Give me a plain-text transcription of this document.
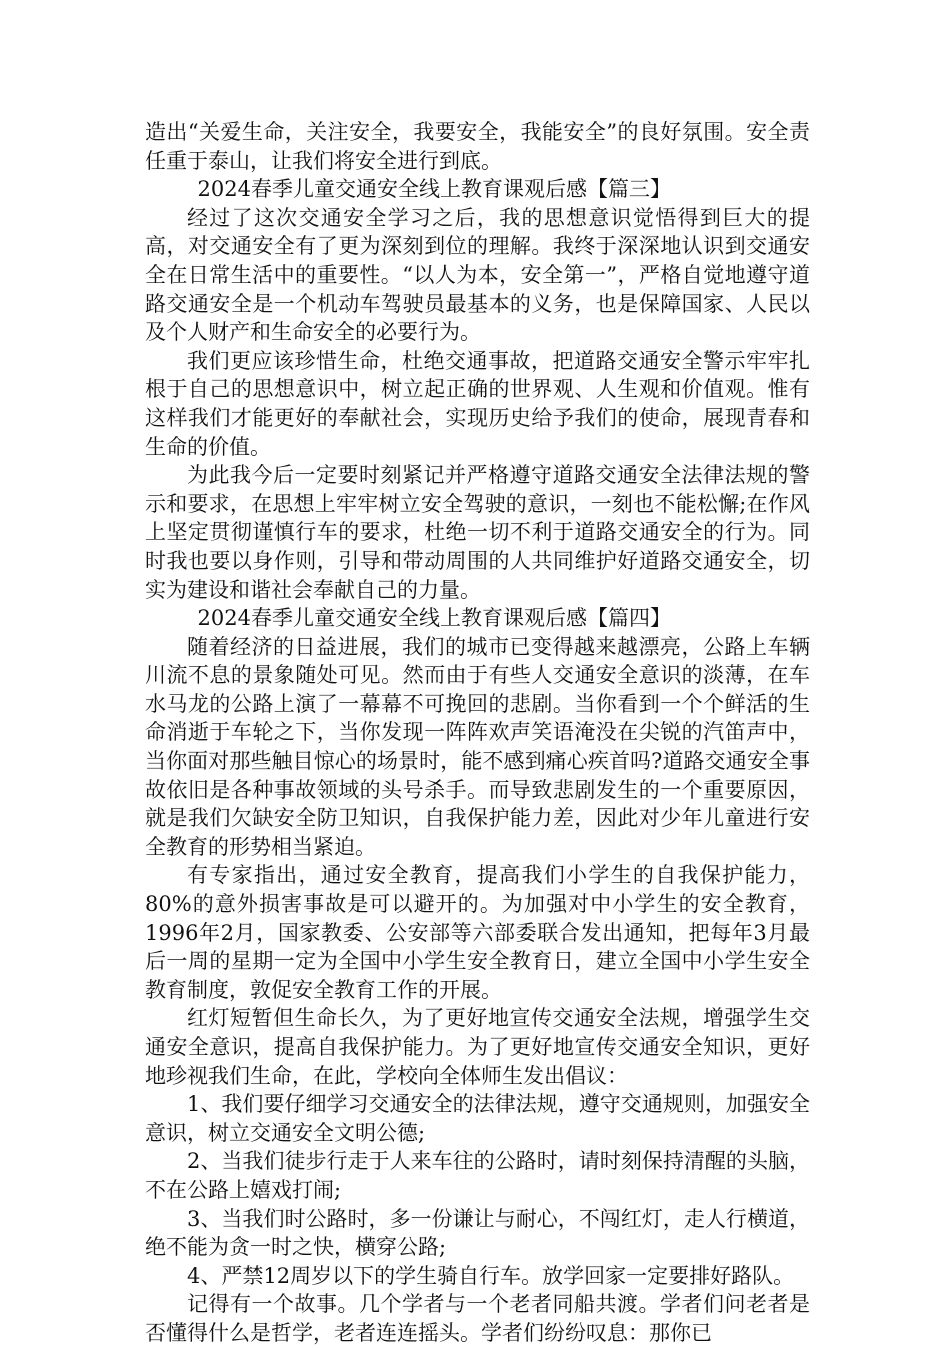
造出“关爱生命，关注安全，我要安全，我能安全”的良好氛围。安全责任重于泰山，让我们将安全进行到底。

2024春季儿童交通安全线上教育课观后感【篇三】

经过了这次交通安全学习之后，我的思想意识觉悟得到巨大的提高，对交通安全有了更为深刻到位的理解。我终于深深地认识到交通安全在日常生活中的重要性。“以人为本，安全第一”，严格自觉地遵守道路交通安全是一个机动车驾驶员最基本的义务，也是保障国家、人民以及个人财产和生命安全的必要行为。

我们更应该珍惜生命，杜绝交通事故，把道路交通安全警示牢牢扎根于自己的思想意识中，树立起正确的世界观、人生观和价值观。惟有这样我们才能更好的奉献社会，实现历史给予我们的使命，展现青春和生命的价值。

为此我今后一定要时刻紧记并严格遵守道路交通安全法律法规的警示和要求，在思想上牢牢树立安全驾驶的意识，一刻也不能松懈;在作风上坚定贯彻谨慎行车的要求，杜绝一切不利于道路交通安全的行为。同时我也要以身作则，引导和带动周围的人共同维护好道路交通安全，切实为建设和谐社会奉献自己的力量。

2024春季儿童交通安全线上教育课观后感【篇四】

随着经济的日益进展，我们的城市已变得越来越漂亮，公路上车辆川流不息的景象随处可见。然而由于有些人交通安全意识的淡薄，在车水马龙的公路上演了一幕幕不可挽回的悲剧。当你看到一个个鲜活的生命消逝于车轮之下，当你发现一阵阵欢声笑语淹没在尖锐的汽笛声中，当你面对那些触目惊心的场景时，能不感到痛心疾首吗?道路交通安全事故依旧是各种事故领域的头号杀手。而导致悲剧发生的一个重要原因，就是我们欠缺安全防卫知识，自我保护能力差，因此对少年儿童进行安全教育的形势相当紧迫。

有专家指出，通过安全教育，提高我们小学生的自我保护能力，80%的意外损害事故是可以避开的。为加强对中小学生的安全教育，1996年2月，国家教委、公安部等六部委联合发出通知，把每年3月最后一周的星期一定为全国中小学生安全教育日，建立全国中小学生安全教育制度，敦促安全教育工作的开展。

红灯短暂但生命长久，为了更好地宣传交通安全法规，增强学生交通安全意识，提高自我保护能力。为了更好地宣传交通安全知识，更好地珍视我们生命，在此，学校向全体师生发出倡议：

1、我们要仔细学习交通安全的法律法规，遵守交通规则，加强安全意识，树立交通安全文明公德;

2、当我们徒步行走于人来车往的公路时，请时刻保持清醒的头脑，不在公路上嬉戏打闹;

3、当我们时公路时，多一份谦让与耐心，不闯红灯，走人行横道，绝不能为贪一时之快，横穿公路;

4、严禁12周岁以下的学生骑自行车。放学回家一定要排好路队。

记得有一个故事。几个学者与一个老者同船共渡。学者们问老者是否懂得什么是哲学，老者连连摇头。学者们纷纷叹息：那你已
